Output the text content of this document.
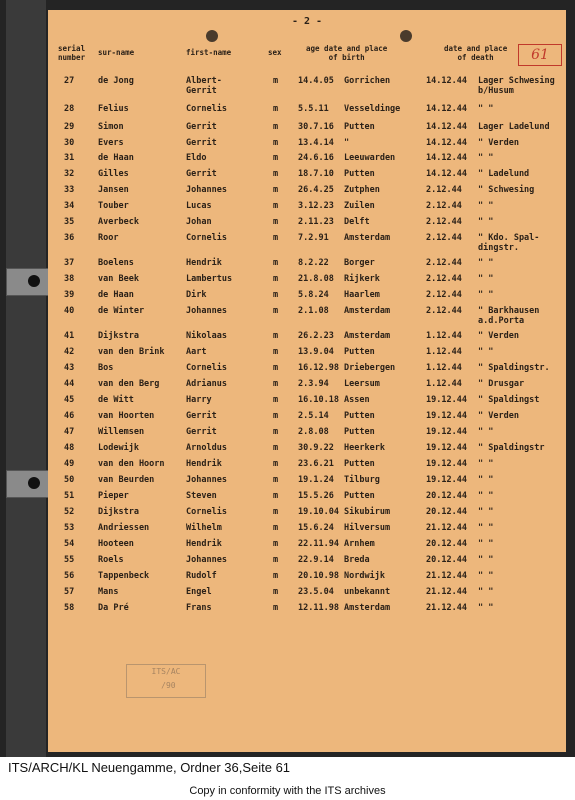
- 2 -
serial
number
sur-name	first-name	sex	age date and place
of birth
date and place
of death	61
27	de Jong	Albert-
Gerrit
m 14.4.05 Gorrichen	14.12.44 Lager Schwesing b/Husum
28	Felius	Cornelis	m 5.5.11 Vesseldinge	14.12.44 " "
29	Simon	Gerrit	m 30.7.16 Putten	14.12.44 Lager Ladelund
30	Evers	Gerrit	m 13.4.14 "	14.12.44 " Verden
31	de Haan	Eldo	m 24.6.16 Leeuwarden	14.12.44 " "
32	Gilles	Gerrit	m 18.7.10 Putten	14.12.44 " Ladelund
33	Jansen	Johannes	m 26.4.25 Zutphen	2.12.44 " Schwesing
34	Touber	Lucas	m 3.12.23 Zuilen	2.12.44 " "
35	Averbeck	Johan	m 2.11.23 Delft	2.12.44 " "
36	Roor	Cornelis	m 7.2.91 Amsterdam	2.12.44 " Kdo. Spal- dingstr.
37	Boelens	Hendrik	m 8.2.22 Borger	2.12.44 " "
38	van Beek	Lambertus	m 21.8.08 Rijkerk	2.12.44 " "
39	de Haan	Dirk	m 5.8.24 Haarlem	2.12.44 " "
40	de Winter	Johannes	m 2.1.08 Amsterdam	2.12.44 " Barkhausen a.d.Porta
41	Dijkstra	Nikolaas	m 26.2.23 Amsterdam	1.12.44 " Verden
42	van den Brink	Aart	m 13.9.04 Putten	1.12.44 " "
43	Bos	Cornelis	m 16.12.98 Driebergen	1.12.44 " Spaldingstr.
44	van den Berg	Adrianus	m 2.3.94 Leersum	1.12.44 " Drusgar
45	de Witt	Harry	m 16.10.18 Assen	19.12.44 " Spaldingst
46	van Hoorten	Gerrit	m 2.5.14 Putten	19.12.44 " Verden
47	Willemsen	Gerrit	m 2.8.08 Putten	19.12.44 " "
48	Lodewijk	Arnoldus	m 30.9.22 Heerkerk	19.12.44 " Spaldingstr
49	van den Hoorn	Hendrik	m 23.6.21 Putten	19.12.44 " "
50	van Beurden	Johannes	m 19.1.24 Tilburg	19.12.44 " "
51	Pieper	Steven	m 15.5.26 Putten	20.12.44 " "
52	Dijkstra	Cornelis	m 19.10.04 Sikubirum	20.12.44 " "
53	Andriessen	Wilhelm	m 15.6.24 Hilversum	21.12.44 " "
54	Hooteen	Hendrik	m 22.11.94 Arnhem	20.12.44 " "
55	Roels	Johannes	m 22.9.14 Breda	20.12.44 " "
56	Tappenbeck	Rudolf	m 20.10.98 Nordwijk	21.12.44 " "
57	Mans	Engel	m 23.5.04 unbekannt	21.12.44 " "
58	Da Pré	Frans	m 12.11.98 Amsterdam	21.12.44 " "
ITS/AC
/90
ITS/ARCH/KL Neuengamme, Ordner 36,Seite 61
Copy in conformity with the ITS archives
